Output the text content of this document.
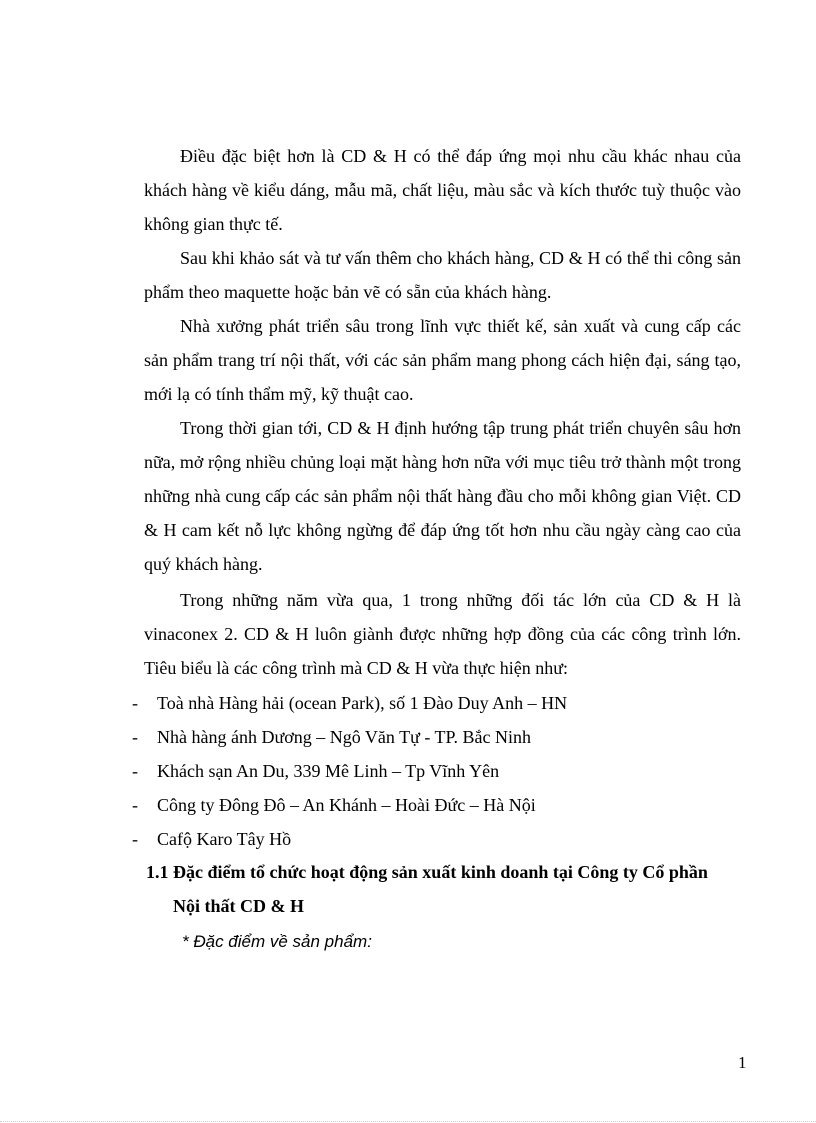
Điều đặc biệt hơn là CD & H có thể đáp ứng mọi nhu cầu khác nhau của khách hàng về kiểu dáng, mẫu mã, chất liệu, màu sắc và kích thước tuỳ thuộc vào không gian thực tế.

Sau khi khảo sát và tư vấn thêm cho khách hàng, CD & H có thể thi công sản phẩm theo maquette hoặc bản vẽ có sẵn của khách hàng.

Nhà xưởng phát triển sâu trong lĩnh vực thiết kế, sản xuất và cung cấp các sản phẩm trang trí nội thất, với các sản phẩm mang phong cách hiện đại, sáng tạo, mới lạ có tính thẩm mỹ, kỹ thuật cao.

Trong thời gian tới, CD & H định hướng tập trung phát triển chuyên sâu hơn nữa, mở rộng nhiều chủng loại mặt hàng hơn nữa với mục tiêu trở thành một trong những nhà cung cấp các sản phẩm nội thất hàng đầu cho mỗi không gian Việt. CD & H cam kết nỗ lực không ngừng để đáp ứng tốt hơn nhu cầu ngày càng cao của quý khách hàng.

Trong những năm vừa qua, 1 trong những đối tác lớn của CD & H là vinaconex 2. CD & H luôn giành được những hợp đồng của các công trình lớn. Tiêu biểu là các công trình mà CD & H vừa thực hiện như:

- Toà nhà Hàng hải (ocean Park), số 1 Đào Duy Anh – HN
- Nhà hàng ánh Dương – Ngô Văn Tự - TP. Bắc Ninh
- Khách sạn An Du, 339 Mê Linh – Tp Vĩnh Yên
- Công ty Đông Đô – An Khánh – Hoài Đức – Hà Nội
- Cafộ Karo Tây Hồ
1.1 Đặc điểm tổ chức hoạt động sản xuất kinh doanh tại Công ty Cổ phần
Nội thất CD & H

* Đặc điểm về sản phẩm:

1
